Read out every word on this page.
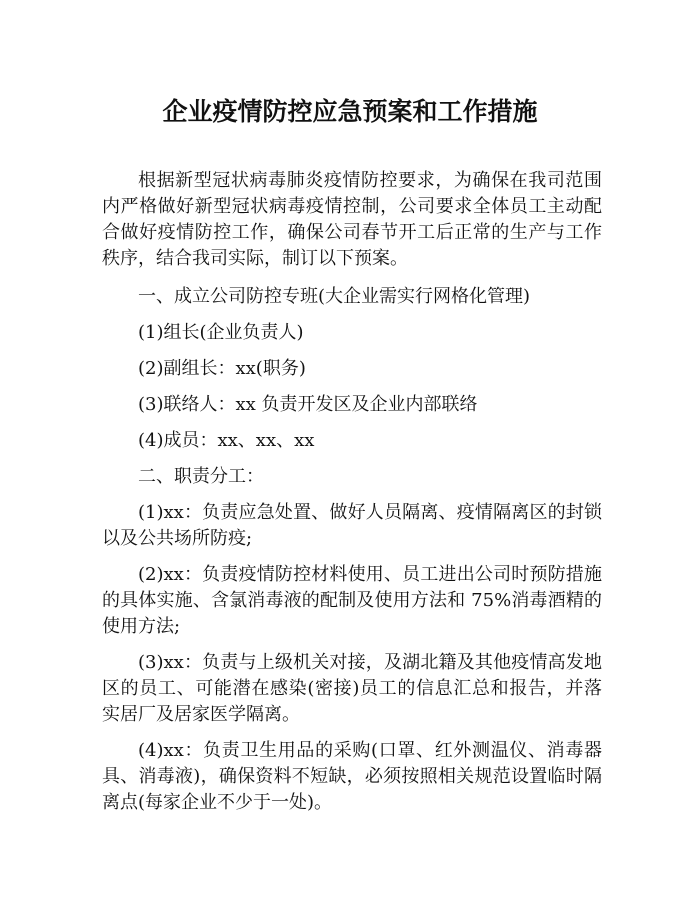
企业疫情防控应急预案和工作措施

根据新型冠状病毒肺炎疫情防控要求，为确保在我司范围内严格做好新型冠状病毒疫情控制，公司要求全体员工主动配合做好疫情防控工作，确保公司春节开工后正常的生产与工作秩序，结合我司实际，制订以下预案。

一、成立公司防控专班(大企业需实行网格化管理)

(1)组长(企业负责人)

(2)副组长：xx(职务)

(3)联络人：xx 负责开发区及企业内部联络

(4)成员：xx、xx、xx

二、职责分工：

(1)xx：负责应急处置、做好人员隔离、疫情隔离区的封锁以及公共场所防疫;

(2)xx：负责疫情防控材料使用、员工进出公司时预防措施的具体实施、含氯消毒液的配制及使用方法和 75%消毒酒精的使用方法;

(3)xx：负责与上级机关对接，及湖北籍及其他疫情高发地区的员工、可能潜在感染(密接)员工的信息汇总和报告，并落实居厂及居家医学隔离。

(4)xx：负责卫生用品的采购(口罩、红外测温仪、消毒器具、消毒液)，确保资料不短缺，必须按照相关规范设置临时隔离点(每家企业不少于一处)。
